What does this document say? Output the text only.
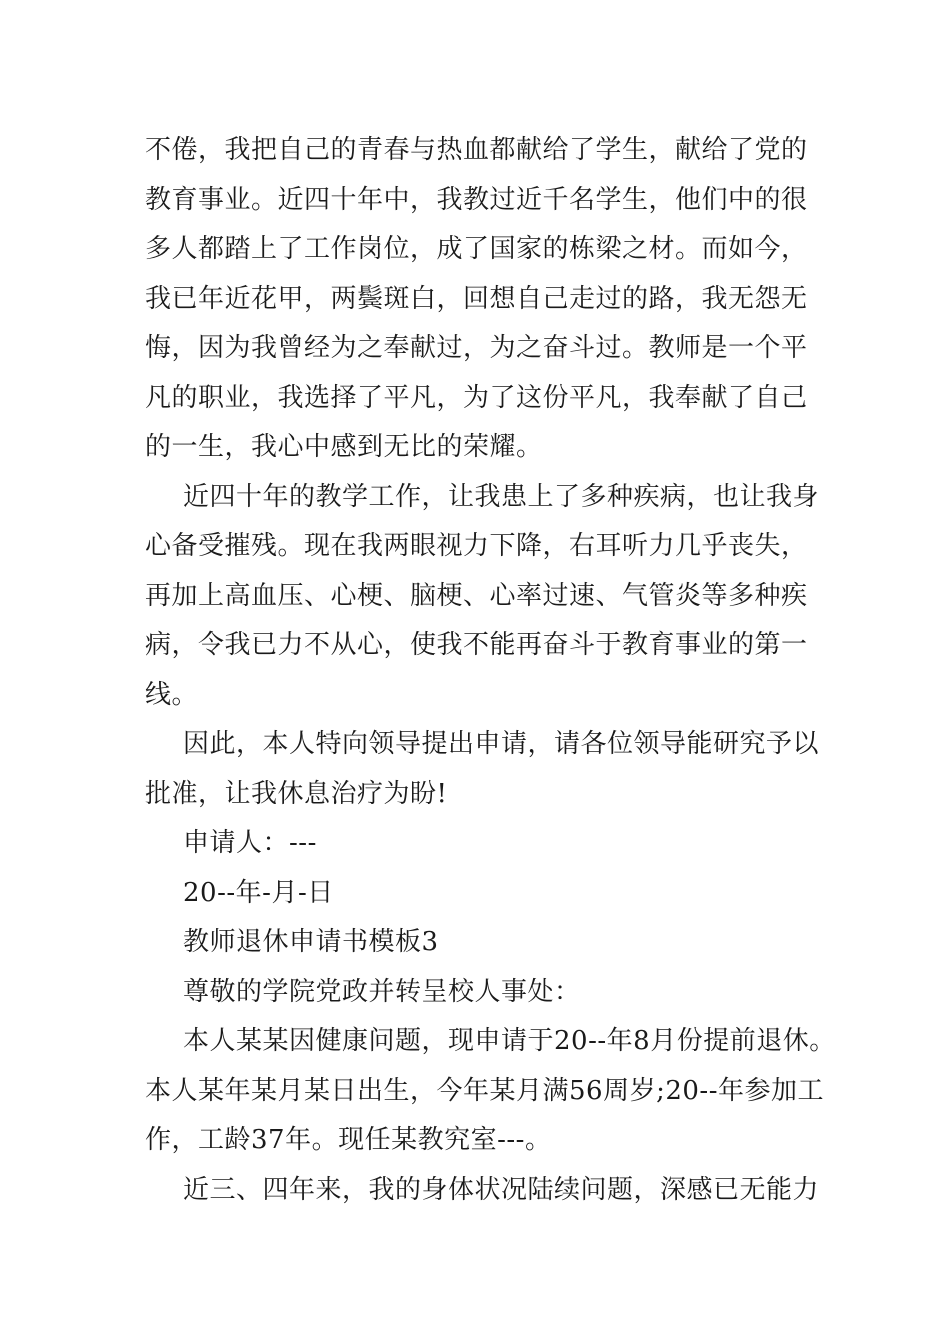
不倦，我把自己的青春与热血都献给了学生，献给了党的
教育事业。近四十年中，我教过近千名学生，他们中的很
多人都踏上了工作岗位，成了国家的栋梁之材。而如今，
我已年近花甲，两鬓斑白，回想自己走过的路，我无怨无
悔，因为我曾经为之奉献过，为之奋斗过。教师是一个平
凡的职业，我选择了平凡，为了这份平凡，我奉献了自己
的一生，我心中感到无比的荣耀。
近四十年的教学工作，让我患上了多种疾病，也让我身
心备受摧残。现在我两眼视力下降，右耳听力几乎丧失，
再加上高血压、心梗、脑梗、心率过速、气管炎等多种疾
病，令我已力不从心，使我不能再奋斗于教育事业的第一
线。
因此，本人特向领导提出申请，请各位领导能研究予以
批准，让我休息治疗为盼!
申请人：---
20--年-月-日
教师退休申请书模板3
尊敬的学院党政并转呈校人事处：
本人某某因健康问题，现申请于20--年8月份提前退休。
本人某年某月某日出生，今年某月满56周岁;20--年参加工
作，工龄37年。现任某教究室---。
近三、四年来，我的身体状况陆续问题，深感已无能力
